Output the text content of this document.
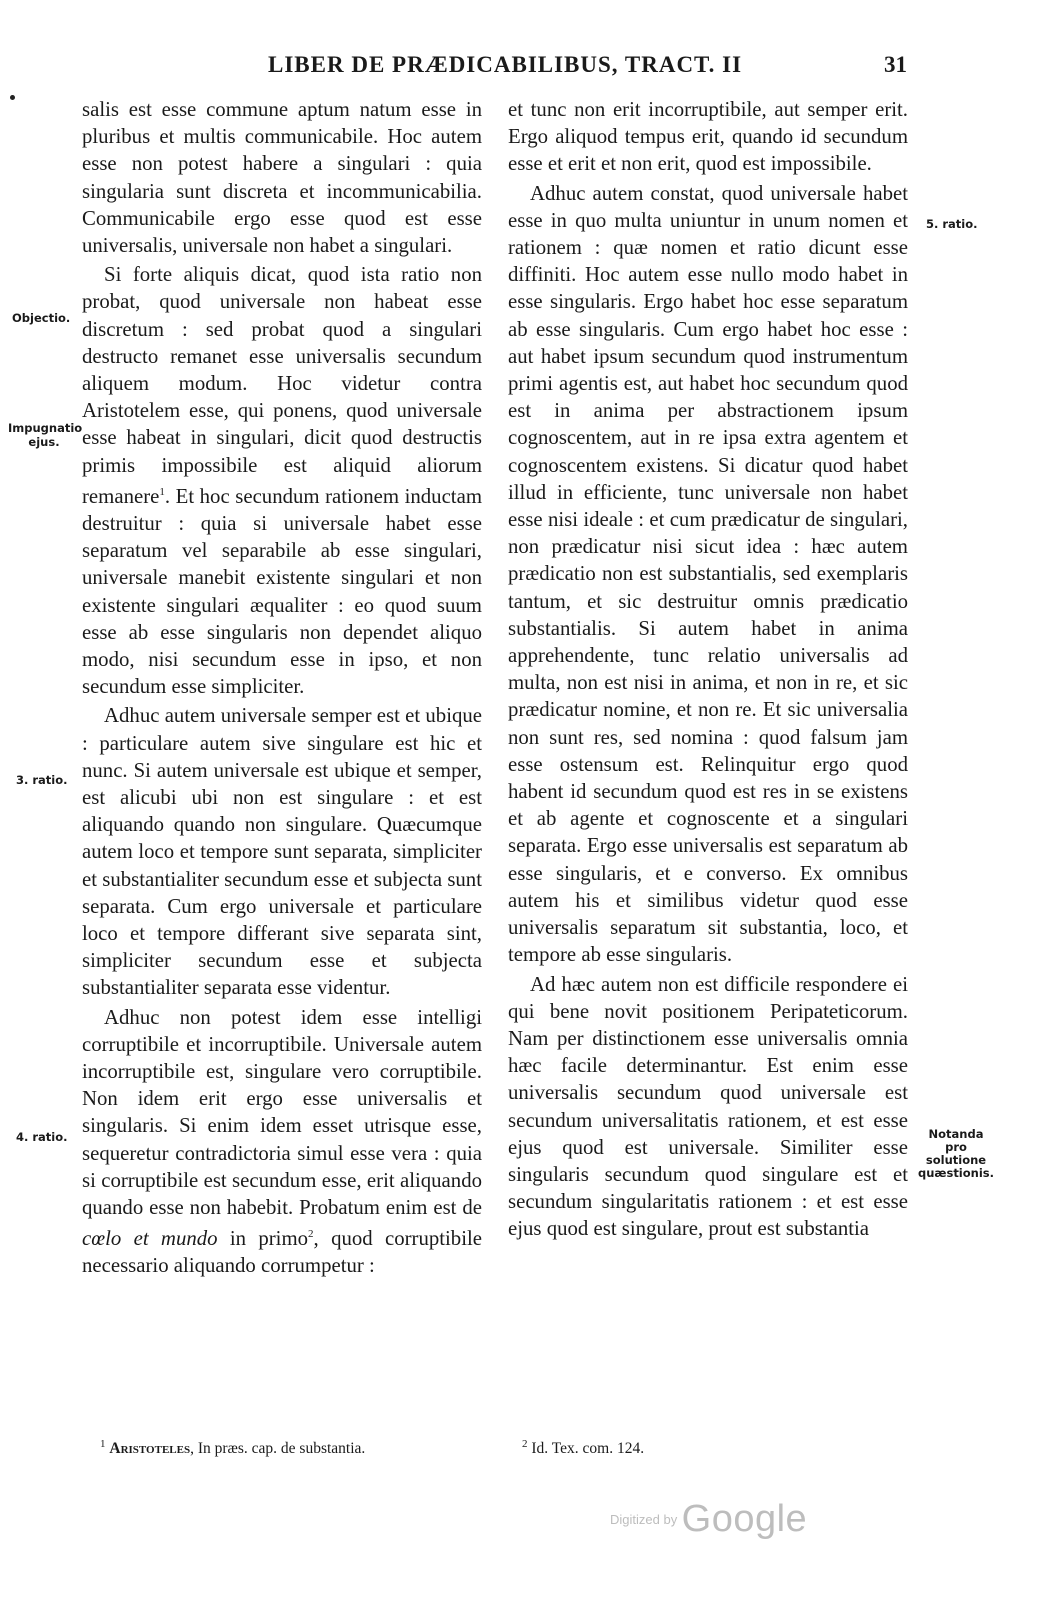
LIBER DE PRÆDICABILIBUS, TRACT. II	31
Objectio.
Impugnatio ejus.
3. ratio.
4. ratio.
5. ratio.
Notanda pro solutione quæstionis.

salis est esse commune aptum natum esse in pluribus et multis communicabile. Hoc autem esse non potest habere a singulari : quia singularia sunt discreta et incommunicabilia. Communicabile ergo esse quod est esse universalis, universale non habet a singulari.

Si forte aliquis dicat, quod ista ratio non probat, quod universale non habeat esse discretum : sed probat quod a singulari destructo remanet esse universalis secundum aliquem modum. Hoc videtur contra Aristotelem esse, qui ponens, quod universale esse habeat in singulari, dicit quod destructis primis impossibile est aliquid aliorum remanere$^1$. Et hoc secundum rationem inductam destruitur : quia si universale habet esse separatum vel separabile ab esse singulari, universale manebit existente singulari et non existente singulari æqualiter : eo quod suum esse ab esse singularis non dependet aliquo modo, nisi secundum esse in ipso, et non secundum esse simpliciter.

Adhuc autem universale semper est et ubique : particulare autem sive singulare est hic et nunc. Si autem universale est ubique et semper, est alicubi ubi non est singulare : et est aliquando quando non singulare. Quæcumque autem loco et tempore sunt separata, simpliciter et substantialiter secundum esse et subjecta sunt separata. Cum ergo universale et particulare loco et tempore differant sive separata sint, simpliciter secundum esse et subjecta substantialiter separata esse videntur.

Adhuc non potest idem esse intelligi corruptibile et incorruptibile. Universale autem incorruptibile est, singulare vero corruptibile. Non idem erit ergo esse universalis et singularis. Si enim idem esset utrisque esse, sequeretur contradictoria simul esse vera : quia si corruptibile est secundum esse, erit aliquando quando esse non habebit. Probatum enim est de cœlo et mundo in primo$^2$, quod corruptibile necessario aliquando corrumpetur :

et tunc non erit incorruptibile, aut semper erit. Ergo aliquod tempus erit, quando id secundum esse et erit et non erit, quod est impossibile.

Adhuc autem constat, quod universale habet esse in quo multa uniuntur in unum nomen et rationem : quæ nomen et ratio dicunt esse diffiniti. Hoc autem esse nullo modo habet in esse singularis. Ergo habet hoc esse separatum ab esse singularis. Cum ergo habet hoc esse : aut habet ipsum secundum quod instrumentum primi agentis est, aut habet hoc secundum quod est in anima per abstractionem ipsum cognoscentem, aut in re ipsa extra agentem et cognoscentem existens. Si dicatur quod habet illud in efficiente, tunc universale non habet esse nisi ideale : et cum prædicatur de singulari, non prædicatur nisi sicut idea : hæc autem prædicatio non est substantialis, sed exemplaris tantum, et sic destruitur omnis prædicatio substantialis. Si autem habet in anima apprehendente, tunc relatio universalis ad multa, non est nisi in anima, et non in re, et sic prædicatur nomine, et non re. Et sic universalia non sunt res, sed nomina : quod falsum jam esse ostensum est. Relinquitur ergo quod habent id secundum quod est res in se existens et ab agente et cognoscente et a singulari separata. Ergo esse universalis est separatum ab esse singularis, et e converso. Ex omnibus autem his et similibus videtur quod esse universalis separatum sit substantia, loco, et tempore ab esse singularis.

Ad hæc autem non est difficile respondere ei qui bene novit positionem Peripateticorum. Nam per distinctionem esse universalis omnia hæc facile determinantur. Est enim esse universalis secundum quod universale est secundum universalitatis rationem, et est esse ejus quod est universale. Similiter esse singularis secundum quod singulare est et secundum singularitatis rationem : et est esse ejus quod est singulare, prout est substantia

$^1$ Aristoteles, In præs. cap. de substantia.	$^2$ Id. Tex. com. 124.
Digitized by Google
